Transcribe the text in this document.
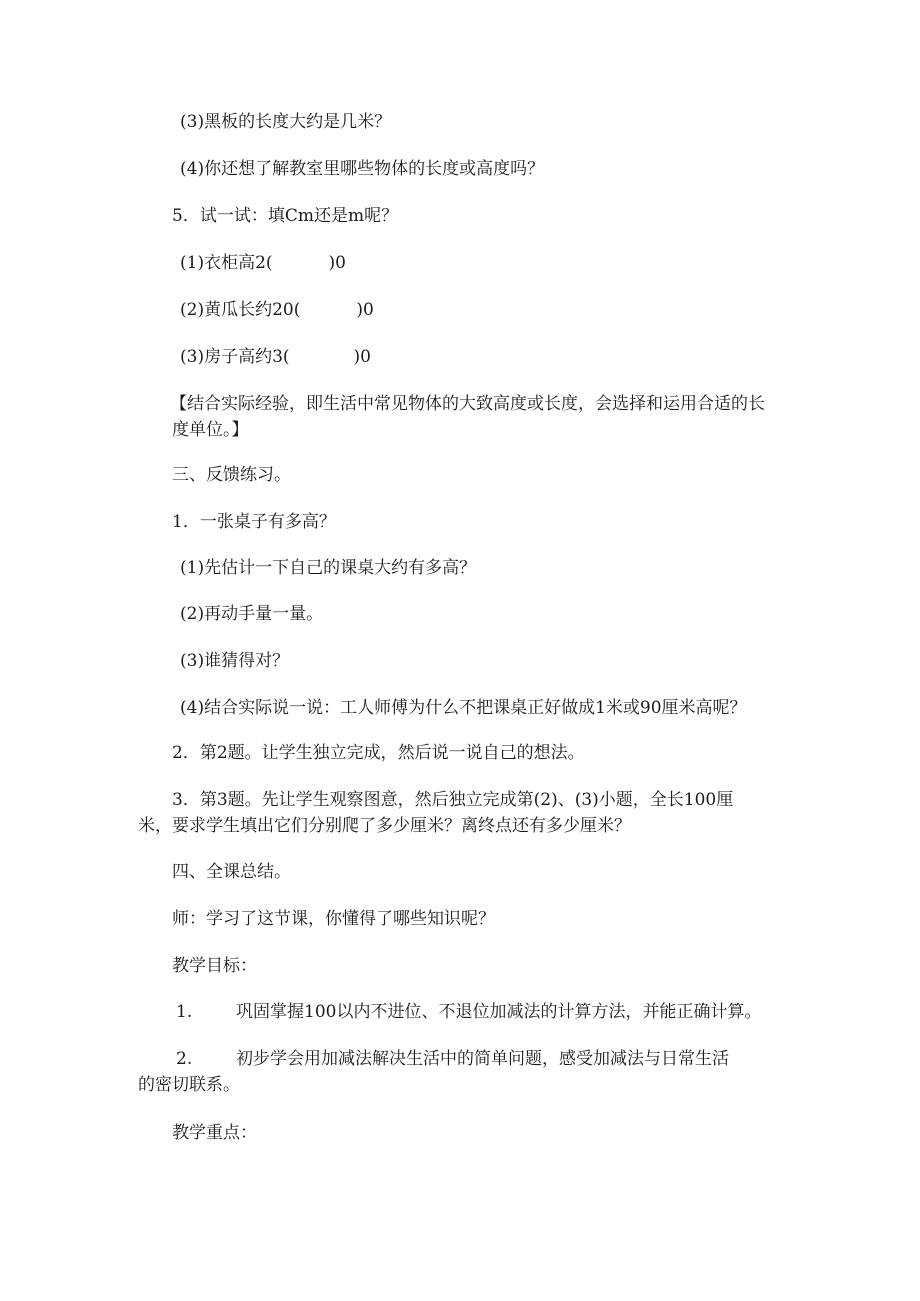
(3)黑板的长度大约是几米？
(4)你还想了解教室里哪些物体的长度或高度吗？
5．试一试：填Cm还是m呢？
(1)衣柜高2(	)0
(2)黄瓜长约20(	)0
(3)房子高约3(	)0
【结合实际经验，即生活中常见物体的大致高度或长度，会选择和运用合适的长
度单位。】
三、反馈练习。
1．一张桌子有多高？
(1)先估计一下自己的课桌大约有多高？
(2)再动手量一量。
(3)谁猜得对？
(4)结合实际说一说：工人师傅为什么不把课桌正好做成1米或90厘米高呢？
2．第2题。让学生独立完成，然后说一说自己的想法。
3．第3题。先让学生观察图意，然后独立完成第(2)、(3)小题，全长100厘
米，要求学生填出它们分别爬了多少厘米？离终点还有多少厘米？
四、全课总结。
师：学习了这节课，你懂得了哪些知识呢？
教学目标：
1.	巩固掌握100以内不进位、不退位加减法的计算方法，并能正确计算。
2.	初步学会用加减法解决生活中的简单问题，感受加减法与日常生活
的密切联系。
教学重点：
